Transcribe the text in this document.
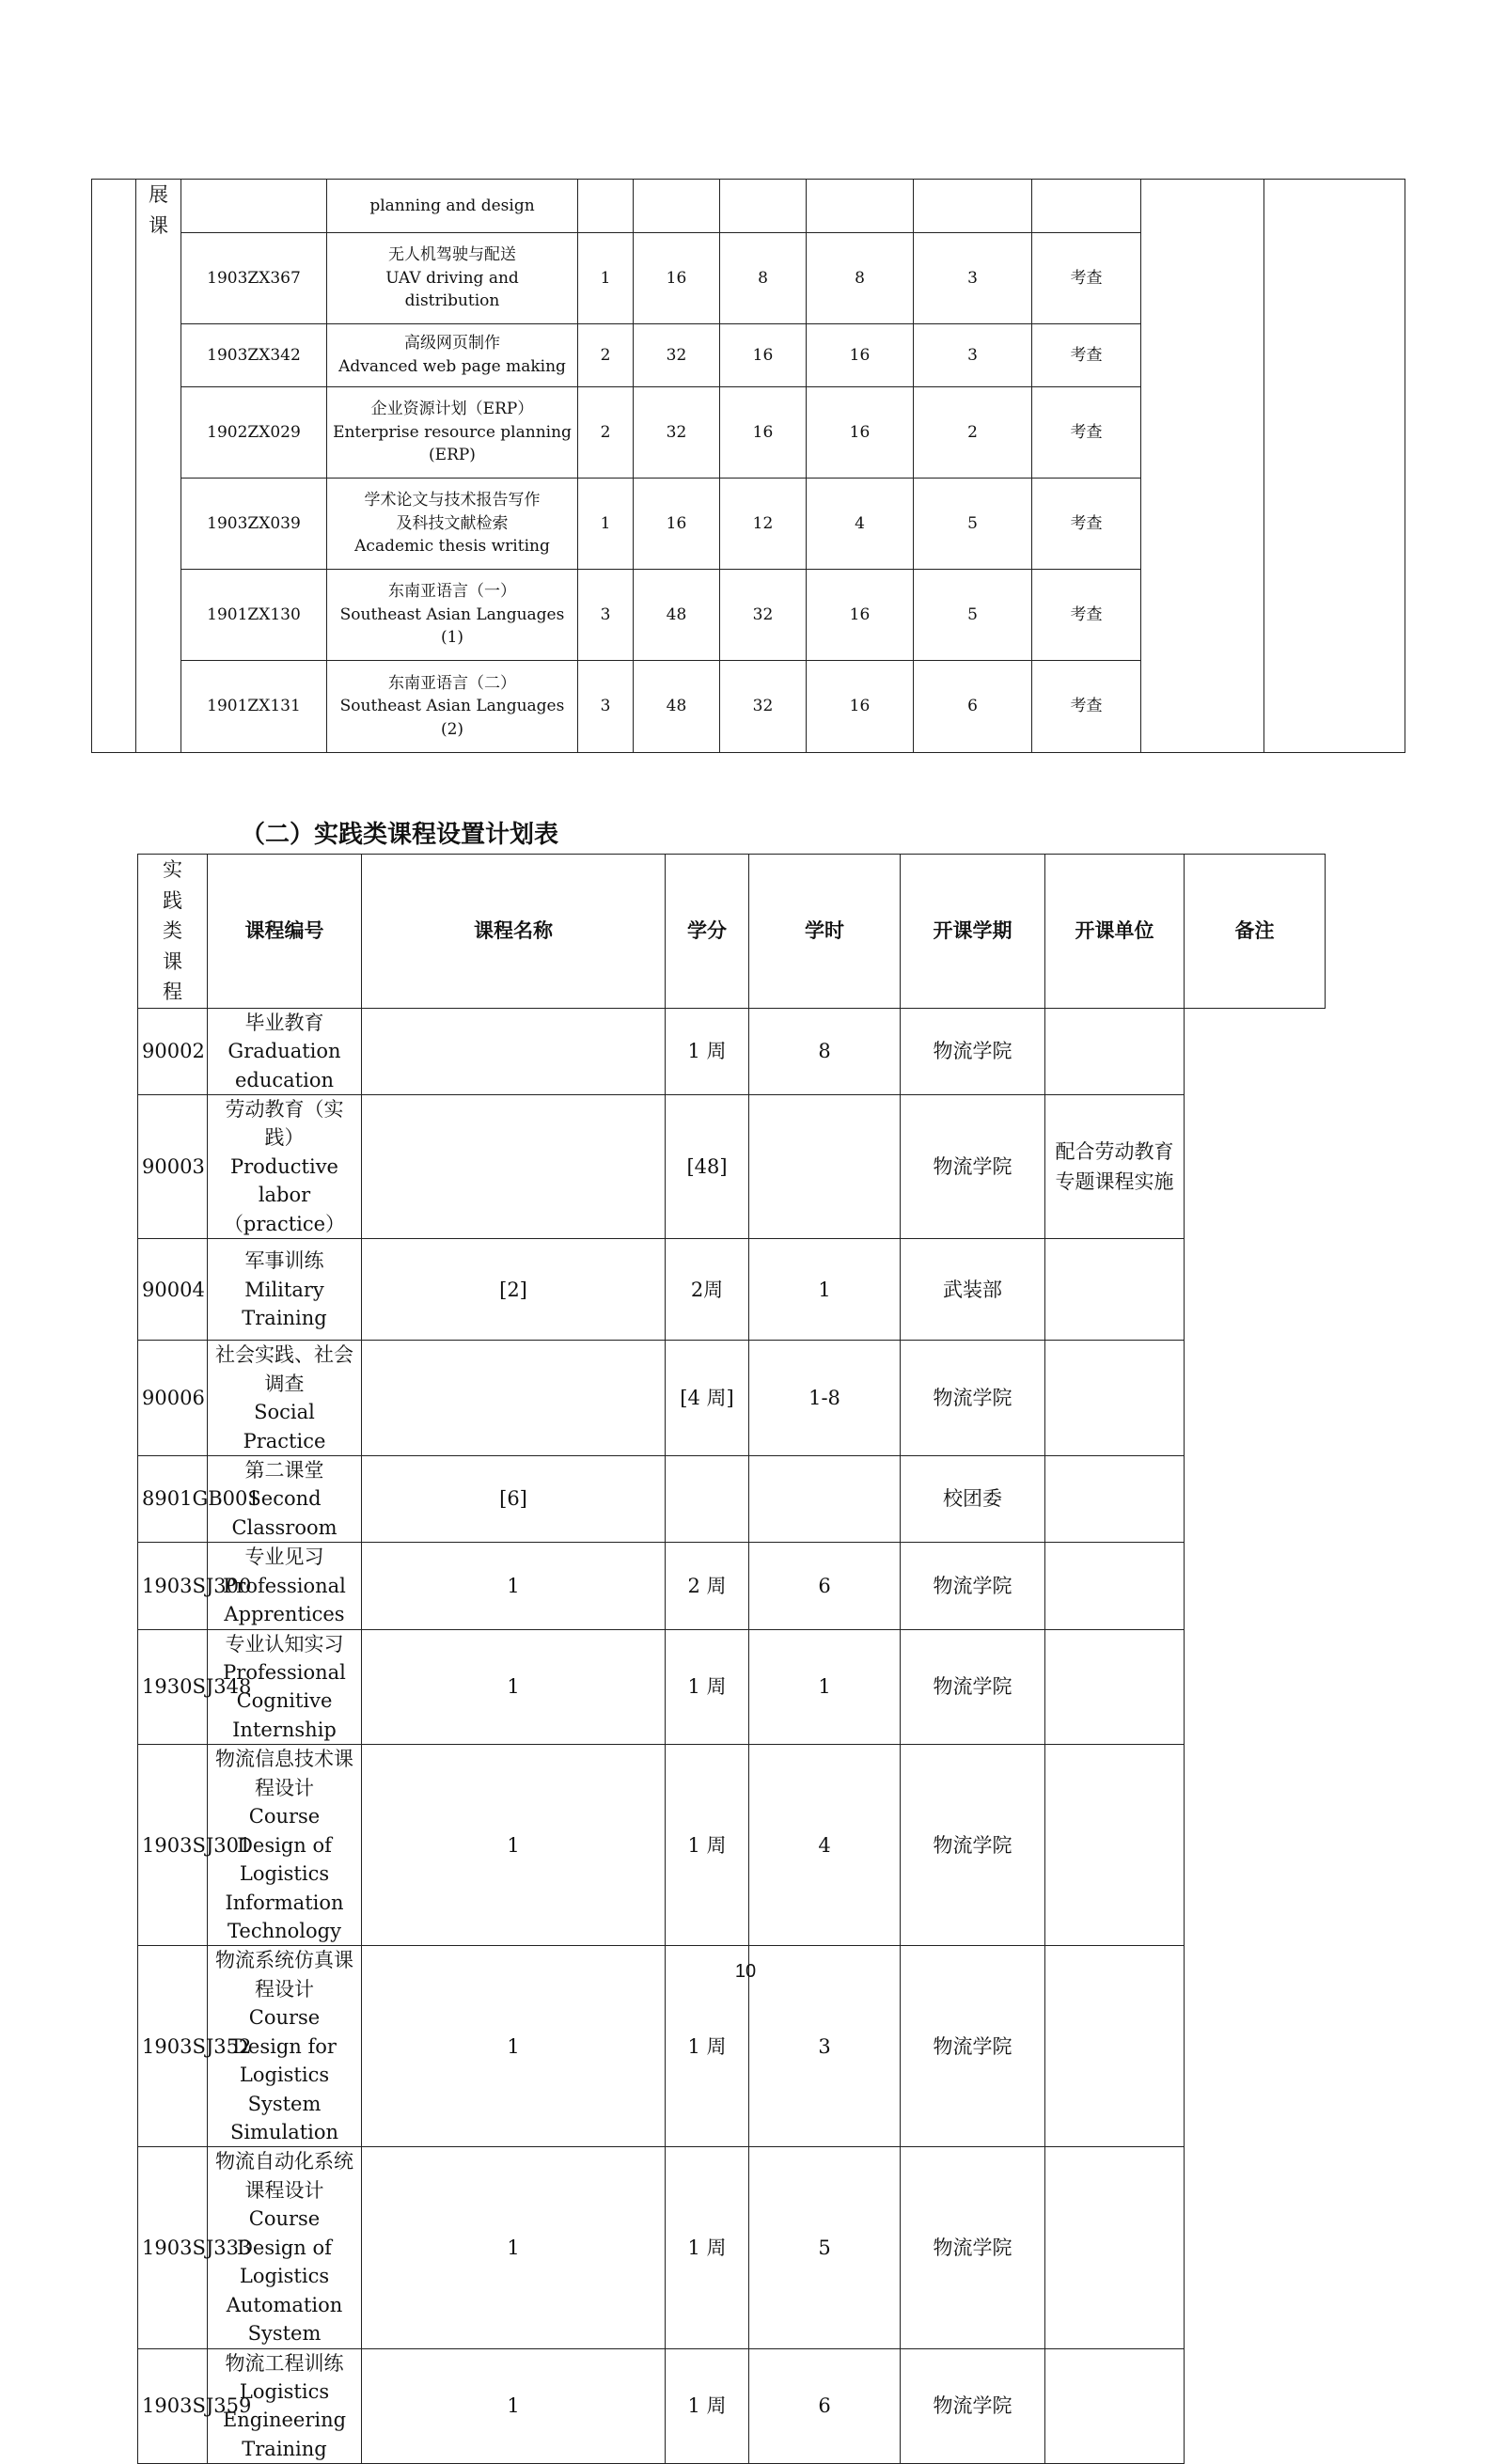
	展
课		planning and design									

		1903ZX367	无人机驾驶与配送
UAV driving and
distribution	1	16	8	8	3	考查			
		1903ZX342	高级网页制作
Advanced web page making	2	32	16	16	3	考查			
		1902ZX029	企业资源计划（ERP）
Enterprise resource planning
(ERP)	2	32	16	16	2	考查			
		1903ZX039	学术论文与技术报告写作
及科技文献检索
Academic thesis writing	1	16	12	4	5	考查			
		1901ZX130	东南亚语言（一）
Southeast Asian Languages
(1)	3	48	32	16	5	考查			
		1901ZX131	东南亚语言（二）
Southeast Asian Languages
(2)	3	48	32	16	6	考查			
（二）实践类课程设置计划表
实
践
类
课
程	课程编号	课程名称	学分	学时	开课学期	开课单位	备注
90002	毕业教育
Graduation education		1 周	8	物流学院		
90003	劳动教育（实践）
Productive labor（practice）		[48]		物流学院	配合劳动教育专题课程实施	
90004	军事训练
Military Training	[2]	2周	1	武装部		
90006	社会实践、社会调查
Social Practice		[4 周]	1-8	物流学院		
8901GB001	第二课堂
Second Classroom	[6]			校团委		
1903SJ300	专业见习
Professional Apprentices	1	2 周	6	物流学院		
1930SJ348	专业认知实习
Professional Cognitive
Internship	1	1 周	1	物流学院		
1903SJ301	物流信息技术课程设计
Course Design of Logistics
Information Technology	1	1 周	4	物流学院		
1903SJ352	物流系统仿真课程设计
Course Design for Logistics
System Simulation	1	1 周	3	物流学院		
1903SJ333	物流自动化系统课程设计
Course Design of Logistics
Automation System	1	1 周	5	物流学院		
1903SJ359	物流工程训练
Logistics Engineering
Training	1	1 周	6	物流学院		
10
